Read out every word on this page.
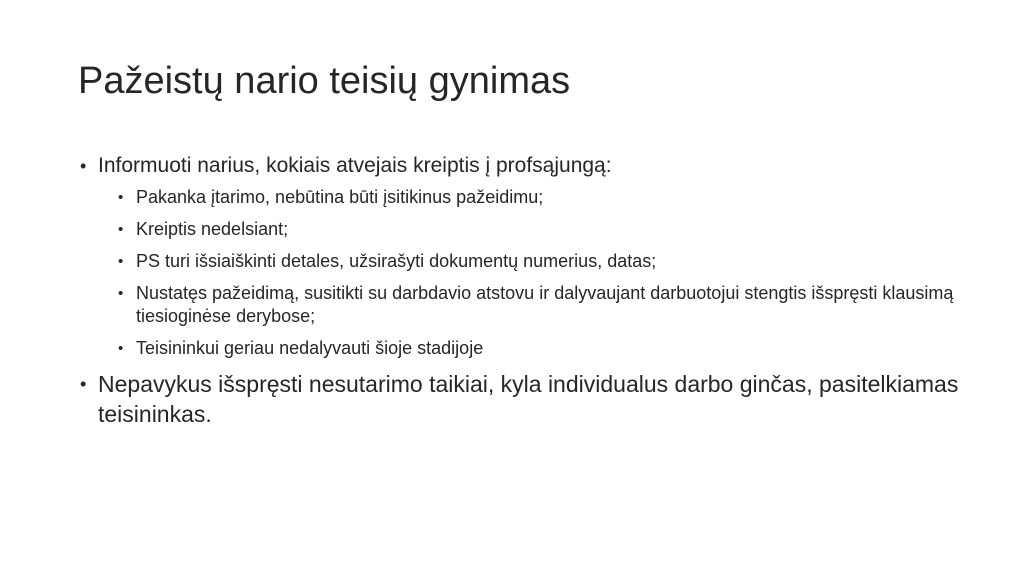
Pažeistų nario teisių gynimas
• Informuoti narius, kokiais atvejais kreiptis į profsąjungą:
• Pakanka įtarimo, nebūtina būti įsitikinus pažeidimu;
• Kreiptis nedelsiant;
• PS turi išsiaiškinti detales, užsirašyti dokumentų numerius, datas;
• Nustatęs pažeidimą, susitikti su darbdavio atstovu ir dalyvaujant darbuotojui stengtis išspręsti klausimą tiesioginėse derybose;
• Teisininkui geriau nedalyvauti šioje stadijoje
• Nepavykus išspręsti nesutarimo taikiai, kyla individualus darbo ginčas, pasitelkiamas teisininkas.
